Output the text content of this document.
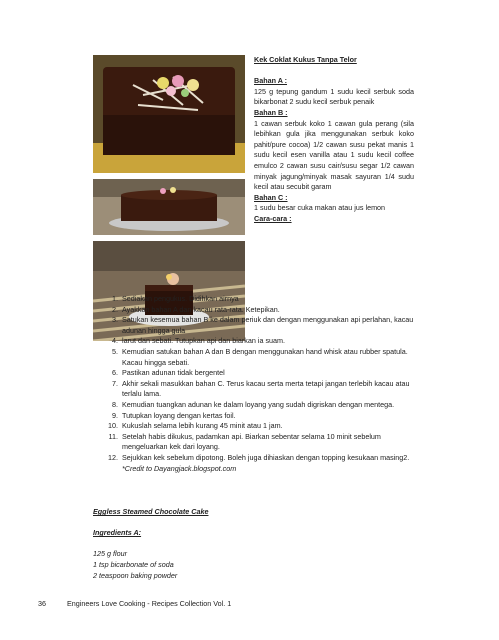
Kek Coklat Kukus Tanpa Telor

Bahan A :

125 g tepung gandum 1 sudu kecil serbuk soda bikarbonat 2 sudu kecil serbuk penaik

Bahan B :

1 cawan serbuk koko 1 cawan gula perang (sila lebihkan gula jika menggunakan serbuk koko pahit/pure cocoa) 1/2 cawan susu pekat manis 1 sudu kecil esen vanilla atau 1 sudu kecil coffee emulco 2 cawan susu cair/susu segar 1/2 cawan minyak jagung/minyak masak sayuran 1/4 sudu kecil atau secubit garam

Bahan C :

1 sudu besar cuka makan atau jus lemon

Cara-cara :

1. Sediakan pengukus. Didihkan airnya
2. Ayakkan bahan A dan kacau rata-rata. Ketepikan.
3. Satukan kesemua bahan B ke dalam periuk dan dengan menggunakan api perlahan, kacau adunan hingga gula
4. larut dan sebati. Tutupkan api dan biarkan ia suam.
5. Kemudian satukan bahan A dan B dengan menggunakan hand whisk atau rubber spatula. Kacau hingga sebati.
6. Pastikan adunan tidak bergentel
7. Akhir sekali masukkan bahan C. Terus kacau serta merta tetapi jangan terlebih kacau atau terlalu lama.
8. Kemudian tuangkan adunan ke dalam loyang yang sudah digriskan dengan mentega.
9. Tutupkan loyang dengan kertas foil.
10. Kukuslah selama lebih kurang 45 minit atau 1 jam.
11. Setelah habis dikukus, padamkan api. Biarkan sebentar selama 10 minit sebelum mengeluarkan kek dari loyang.
12. Sejukkan kek sebelum dipotong. Boleh juga dihiaskan dengan topping kesukaan masing2.
*Credit to Dayangjack.blogspot.com
Eggless Steamed Chocolate Cake
Ingredients A:
125 g flour
1 tsp bicarbonate of soda
2 teaspoon baking powder
36	Engineers Love Cooking - Recipes Collection Vol. 1
